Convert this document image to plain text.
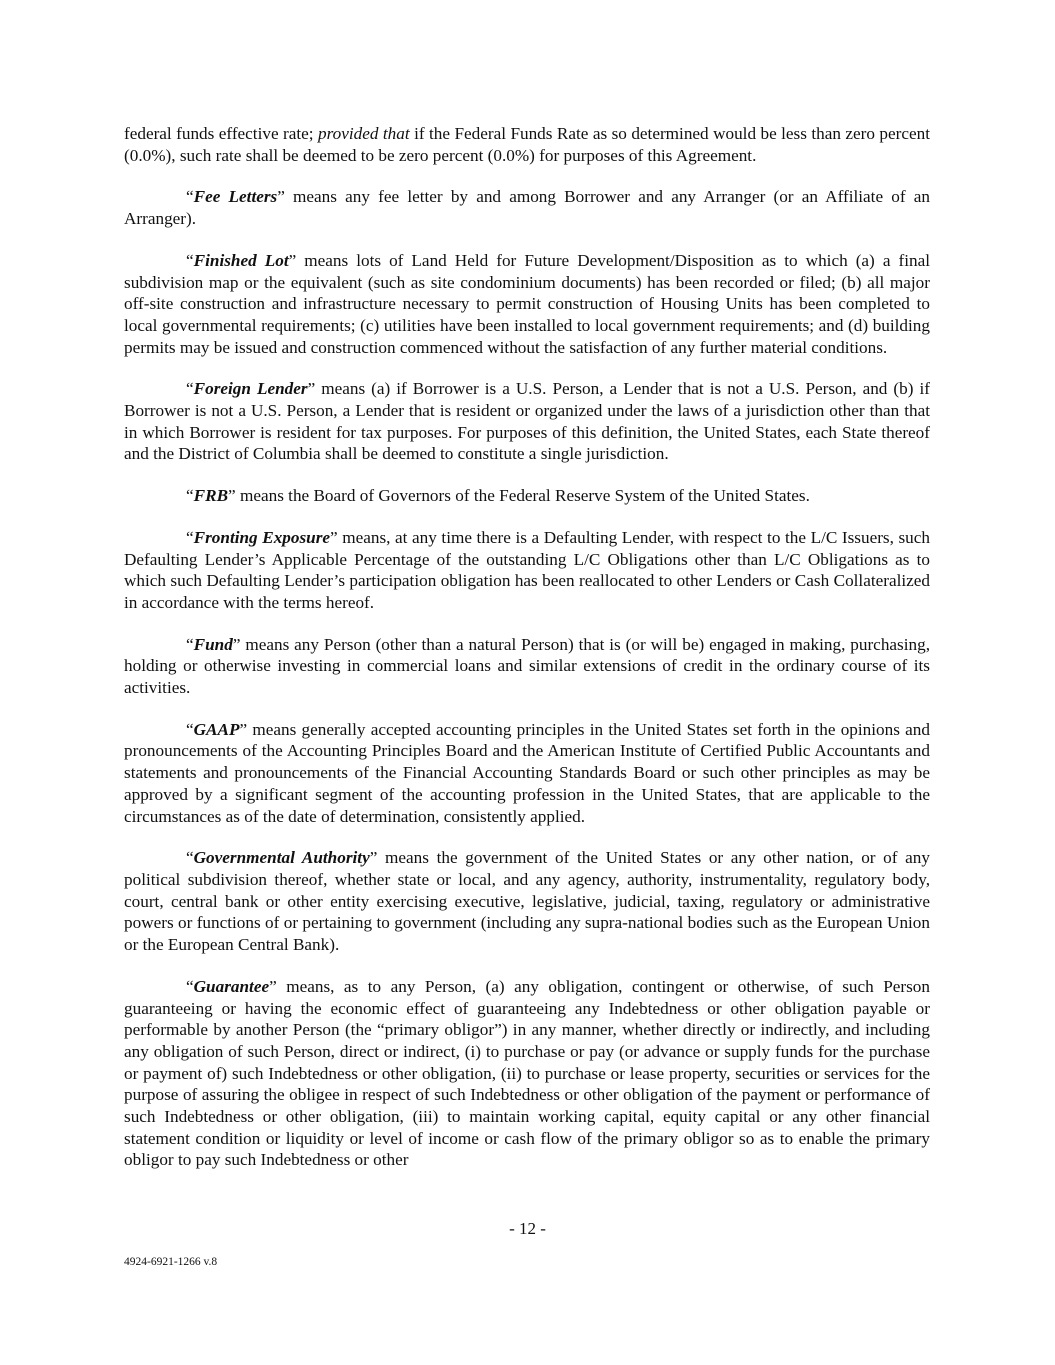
federal funds effective rate; provided that if the Federal Funds Rate as so determined would be less than zero percent (0.0%), such rate shall be deemed to be zero percent (0.0%) for purposes of this Agreement.

“Fee Letters” means any fee letter by and among Borrower and any Arranger (or an Affiliate of an Arranger).

“Finished Lot” means lots of Land Held for Future Development/Disposition as to which (a) a final subdivision map or the equivalent (such as site condominium documents) has been recorded or filed; (b) all major off-site construction and infrastructure necessary to permit construction of Housing Units has been completed to local governmental requirements; (c) utilities have been installed to local government requirements; and (d) building permits may be issued and construction commenced without the satisfaction of any further material conditions.

“Foreign Lender” means (a) if Borrower is a U.S. Person, a Lender that is not a U.S. Person, and (b) if Borrower is not a U.S. Person, a Lender that is resident or organized under the laws of a jurisdiction other than that in which Borrower is resident for tax purposes. For purposes of this definition, the United States, each State thereof and the District of Columbia shall be deemed to constitute a single jurisdiction.

“FRB” means the Board of Governors of the Federal Reserve System of the United States.

“Fronting Exposure” means, at any time there is a Defaulting Lender, with respect to the L/C Issuers, such Defaulting Lender’s Applicable Percentage of the outstanding L/C Obligations other than L/C Obligations as to which such Defaulting Lender’s participation obligation has been reallocated to other Lenders or Cash Collateralized in accordance with the terms hereof.

“Fund” means any Person (other than a natural Person) that is (or will be) engaged in making, purchasing, holding or otherwise investing in commercial loans and similar extensions of credit in the ordinary course of its activities.

“GAAP” means generally accepted accounting principles in the United States set forth in the opinions and pronouncements of the Accounting Principles Board and the American Institute of Certified Public Accountants and statements and pronouncements of the Financial Accounting Standards Board or such other principles as may be approved by a significant segment of the accounting profession in the United States, that are applicable to the circumstances as of the date of determination, consistently applied.

“Governmental Authority” means the government of the United States or any other nation, or of any political subdivision thereof, whether state or local, and any agency, authority, instrumentality, regulatory body, court, central bank or other entity exercising executive, legislative, judicial, taxing, regulatory or administrative powers or functions of or pertaining to government (including any supra-national bodies such as the European Union or the European Central Bank).

“Guarantee” means, as to any Person, (a) any obligation, contingent or otherwise, of such Person guaranteeing or having the economic effect of guaranteeing any Indebtedness or other obligation payable or performable by another Person (the “primary obligor”) in any manner, whether directly or indirectly, and including any obligation of such Person, direct or indirect, (i) to purchase or pay (or advance or supply funds for the purchase or payment of) such Indebtedness or other obligation, (ii) to purchase or lease property, securities or services for the purpose of assuring the obligee in respect of such Indebtedness or other obligation of the payment or performance of such Indebtedness or other obligation, (iii) to maintain working capital, equity capital or any other financial statement condition or liquidity or level of income or cash flow of the primary obligor so as to enable the primary obligor to pay such Indebtedness or other

- 12 -
4924-6921-1266 v.8
